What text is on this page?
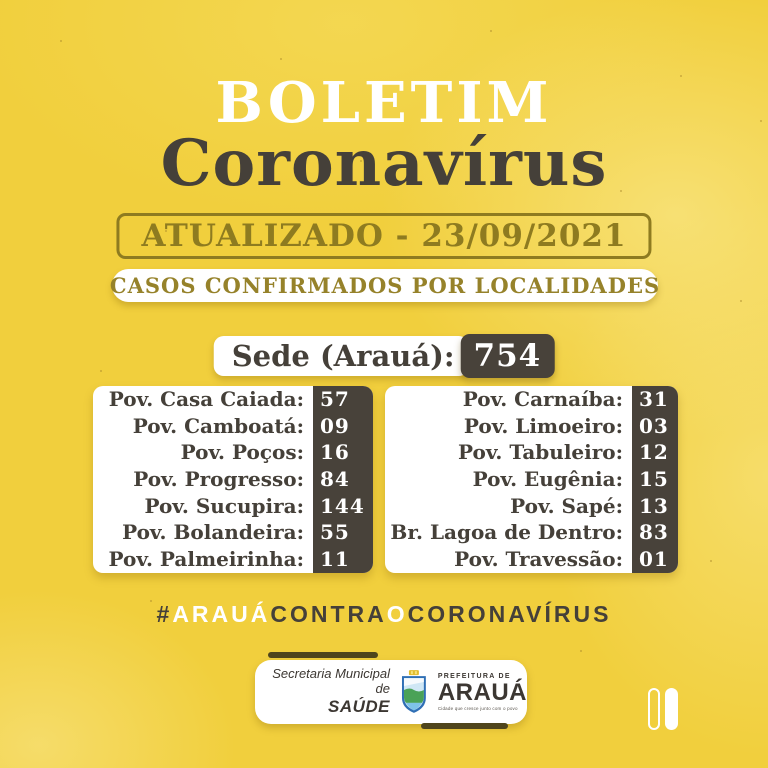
BOLETIM
Coronavírus
ATUALIZADO - 23/09/2021
CASOS CONFIRMADOS POR LOCALIDADES
Sede (Arauá): 754
Pov. Casa Caiada: 57
Pov. Camboatá: 09
Pov. Poços: 16
Pov. Progresso: 84
Pov. Sucupira: 144
Pov. Bolandeira: 55
Pov. Palmeirinha: 11
Pov. Carnaíba: 31
Pov. Limoeiro: 03
Pov. Tabuleiro: 12
Pov. Eugênia: 15
Pov. Sapé: 13
Br. Lagoa de Dentro: 83
Pov. Travessão: 01
#ARAUÁCONTRAOCORONAVÍRUS
Secretaria Municipal de
SAÚDE
PREFEITURA DE
ARAUÁ
Cidade que cresce junto com o povo
